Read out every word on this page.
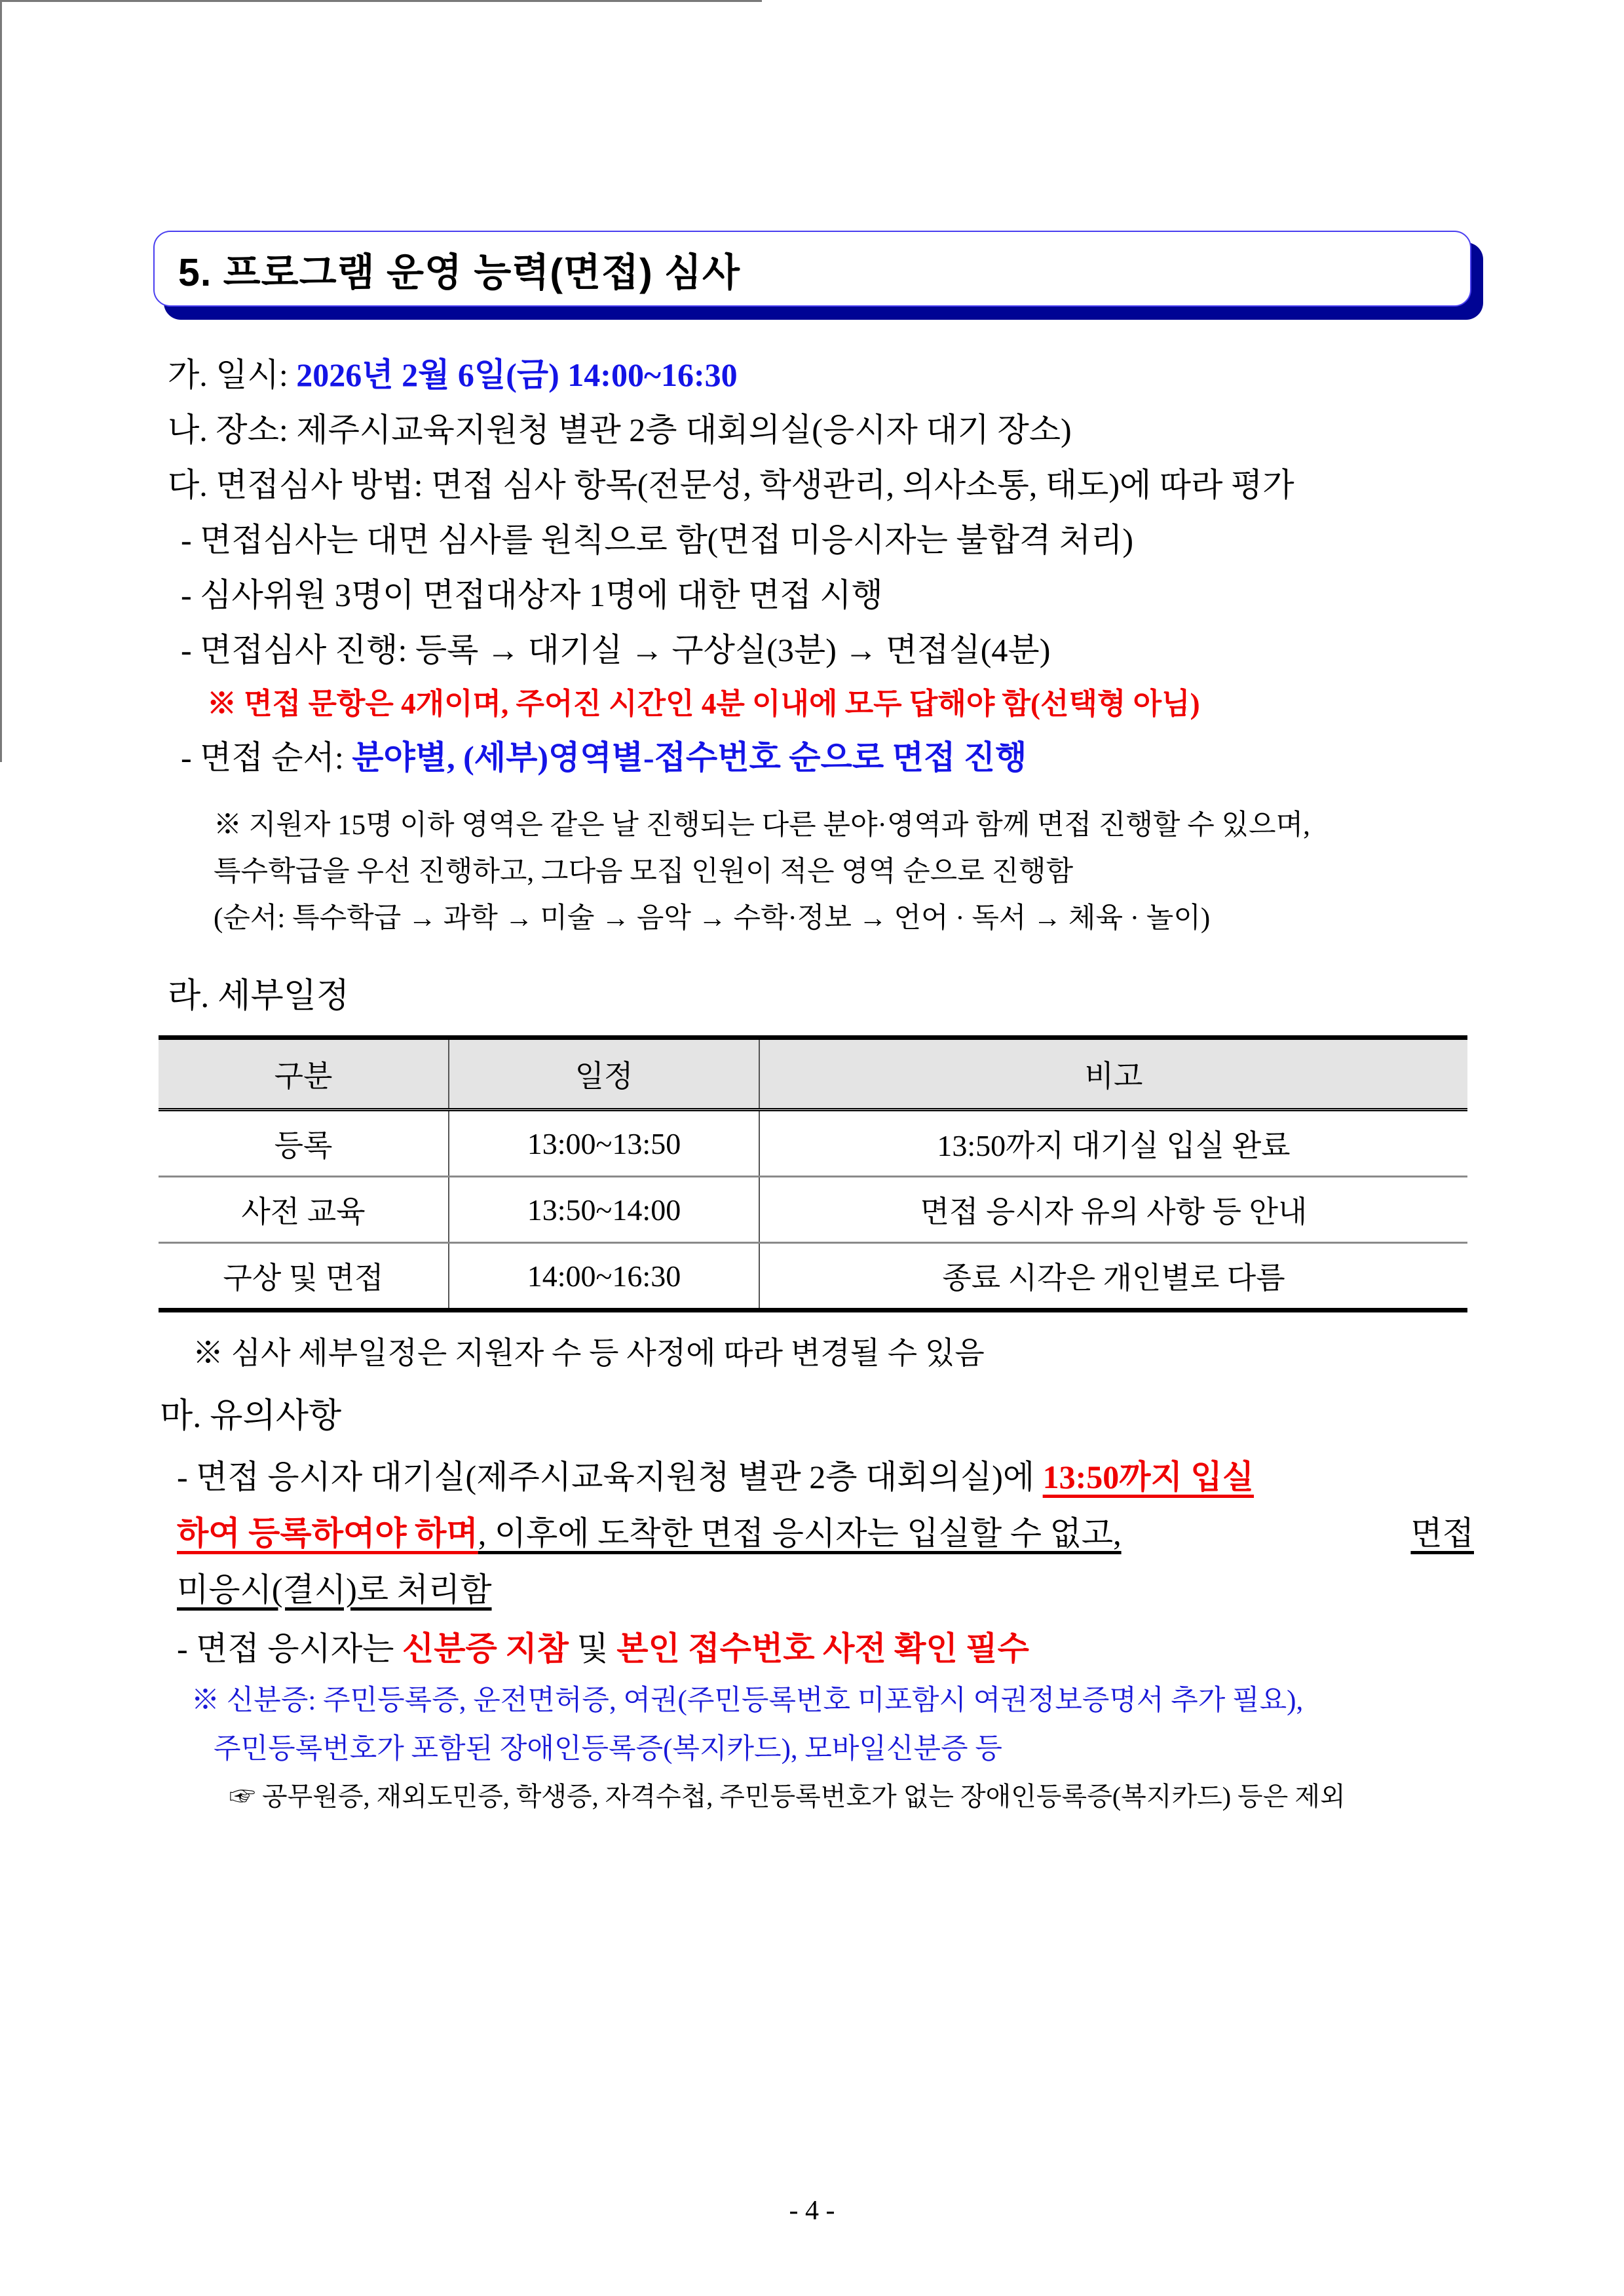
5. 프로그램 운영 능력(면접) 심사
가. 일시: 2026년 2월 6일(금) 14:00~16:30
나. 장소: 제주시교육지원청 별관 2층 대회의실(응시자 대기 장소)
다. 면접심사 방법: 면접 심사 항목(전문성, 학생관리, 의사소통, 태도)에 따라 평가
- 면접심사는 대면 심사를 원칙으로 함(면접 미응시자는 불합격 처리)
- 심사위원 3명이 면접대상자 1명에 대한 면접 시행
- 면접심사 진행: 등록 → 대기실 → 구상실(3분) → 면접실(4분)
※ 면접 문항은 4개이며, 주어진 시간인 4분 이내에 모두 답해야 함(선택형 아님)
- 면접 순서: 분야별, (세부)영역별-접수번호 순으로 면접 진행
※ 지원자 15명 이하 영역은 같은 날 진행되는 다른 분야·영역과 함께 면접 진행할 수 있으며,
특수학급을 우선 진행하고, 그다음 모집 인원이 적은 영역 순으로 진행함
(순서: 특수학급 → 과학 → 미술 → 음악 → 수학·정보 → 언어 · 독서 → 체육 · 놀이)
라. 세부일정
구분	일정	비고
등록	13:00~13:50	13:50까지 대기실 입실 완료
사전 교육	13:50~14:00	면접 응시자 유의 사항 등 안내
구상 및 면접	14:00~16:30	종료 시각은 개인별로 다름
※ 심사 세부일정은 지원자 수 등 사정에 따라 변경될 수 있음
마. 유의사항
- 면접 응시자 대기실(제주시교육지원청 별관 2층 대회의실)에 13:50까지 입실
하여 등록하여야 하며, 이후에 도착한 면접 응시자는 입실할 수 없고,	면접
미응시(결시)로 처리함
- 면접 응시자는 신분증 지참 및 본인 접수번호 사전 확인 필수
※ 신분증: 주민등록증, 운전면허증, 여권(주민등록번호 미포함시 여권정보증명서 추가 필요),
주민등록번호가 포함된 장애인등록증(복지카드), 모바일신분증 등
☞ 공무원증, 재외도민증, 학생증, 자격수첩, 주민등록번호가 없는 장애인등록증(복지카드) 등은 제외
- 4 -
